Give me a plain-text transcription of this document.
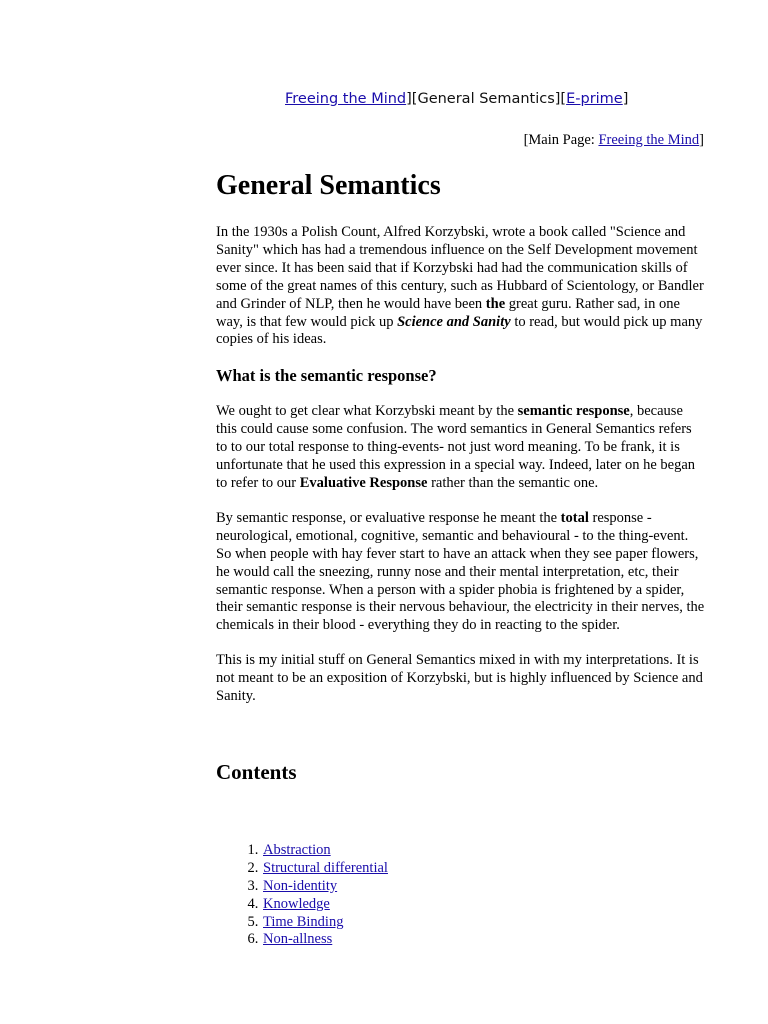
Freeing the Mind][General Semantics][E-prime]
[Main Page: Freeing the Mind]
General Semantics

In the 1930s a Polish Count, Alfred Korzybski, wrote a book called "Science and Sanity" which has had a tremendous influence on the Self Development movement ever since. It has been said that if Korzybski had had the communication skills of some of the great names of this century, such as Hubbard of Scientology, or Bandler and Grinder of NLP, then he would have been the great guru. Rather sad, in one way, is that few would pick up Science and Sanity to read, but would pick up many copies of his ideas.

What is the semantic response?

We ought to get clear what Korzybski meant by the semantic response, because this could cause some confusion. The word semantics in General Semantics refers to to our total response to thing-events- not just word meaning. To be frank, it is unfortunate that he used this expression in a special way. Indeed, later on he began to refer to our Evaluative Response rather than the semantic one.

By semantic response, or evaluative response he meant the total response - neurological, emotional, cognitive, semantic and behavioural - to the thing-event. So when people with hay fever start to have an attack when they see paper flowers, he would call the sneezing, runny nose and their mental interpretation, etc, their semantic response. When a person with a spider phobia is frightened by a spider, their semantic response is their nervous behaviour, the electricity in their nerves, the chemicals in their blood - everything they do in reacting to the spider.

This is my initial stuff on General Semantics mixed in with my interpretations. It is not meant to be an exposition of Korzybski, but is highly influenced by Science and Sanity.

Contents
1. Abstraction
2. Structural differential
3. Non-identity
4. Knowledge
5. Time Binding
6. Non-allness
